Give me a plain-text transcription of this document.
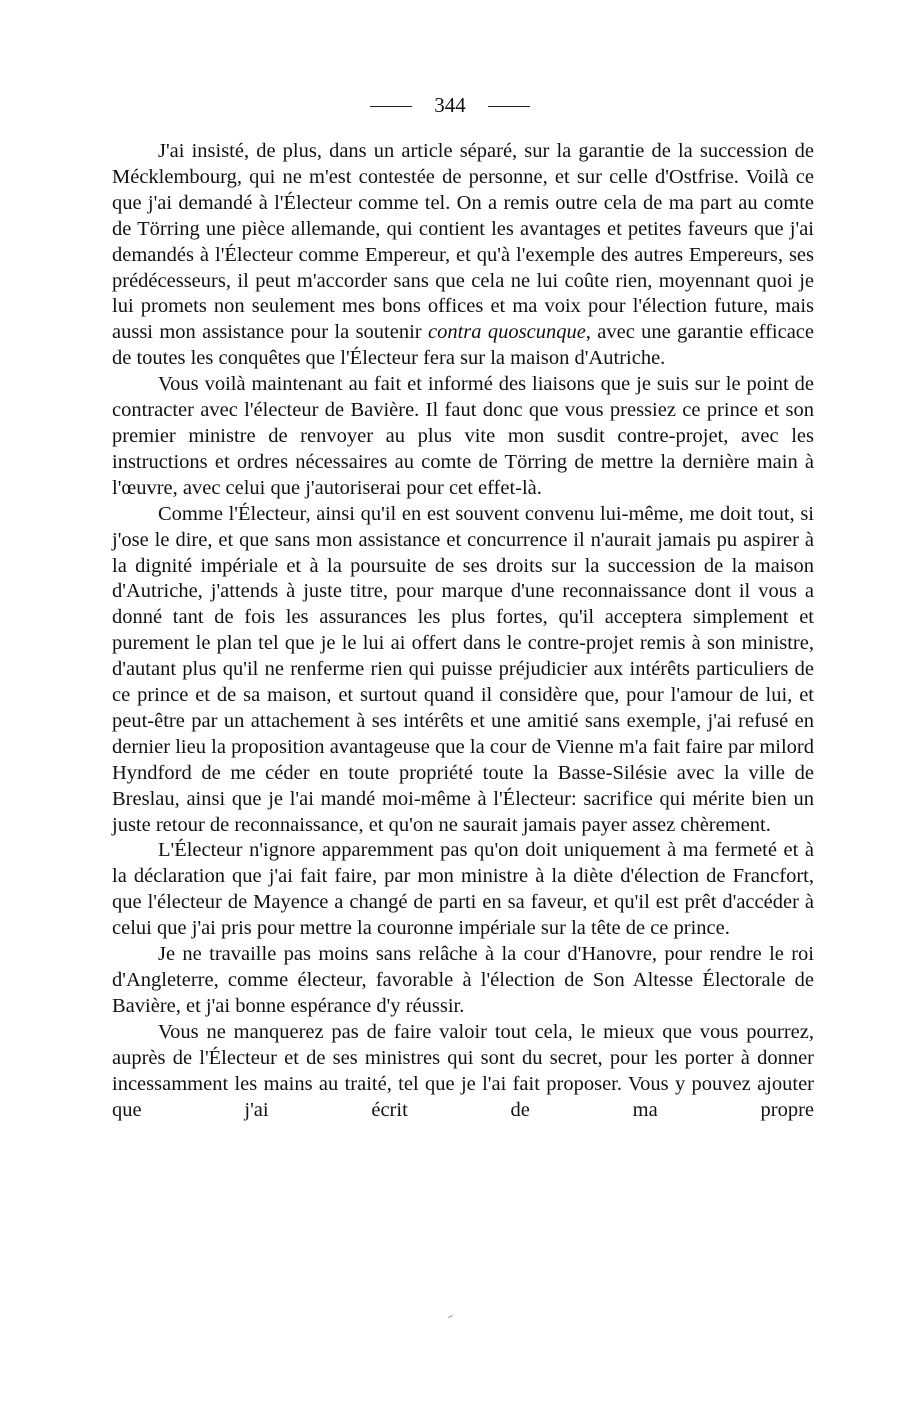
344

J'ai insisté, de plus, dans un article séparé, sur la garantie de la succession de Mécklembourg, qui ne m'est contestée de personne, et sur celle d'Ostfrise. Voilà ce que j'ai demandé à l'Électeur comme tel. On a remis outre cela de ma part au comte de Törring une pièce allemande, qui contient les avantages et petites faveurs que j'ai demandés à l'Électeur comme Empereur, et qu'à l'exemple des autres Empereurs, ses prédécesseurs, il peut m'accorder sans que cela ne lui coûte rien, moyennant quoi je lui promets non seulement mes bons offices et ma voix pour l'élection future, mais aussi mon assistance pour la soutenir contra quoscunque, avec une garantie efficace de toutes les conquêtes que l'Électeur fera sur la maison d'Autriche.

Vous voilà maintenant au fait et informé des liaisons que je suis sur le point de contracter avec l'électeur de Bavière. Il faut donc que vous pressiez ce prince et son premier ministre de renvoyer au plus vite mon susdit contre-projet, avec les instructions et ordres nécessaires au comte de Törring de mettre la dernière main à l'œuvre, avec celui que j'autoriserai pour cet effet-là.

Comme l'Électeur, ainsi qu'il en est souvent convenu lui-même, me doit tout, si j'ose le dire, et que sans mon assistance et concurrence il n'aurait jamais pu aspirer à la dignité impériale et à la poursuite de ses droits sur la succession de la maison d'Autriche, j'attends à juste titre, pour marque d'une reconnaissance dont il vous a donné tant de fois les assurances les plus fortes, qu'il acceptera simplement et purement le plan tel que je le lui ai offert dans le contre-projet remis à son ministre, d'autant plus qu'il ne renferme rien qui puisse préjudicier aux intérêts particuliers de ce prince et de sa maison, et surtout quand il considère que, pour l'amour de lui, et peut-être par un attachement à ses intérêts et une amitié sans exemple, j'ai refusé en dernier lieu la proposition avantageuse que la cour de Vienne m'a fait faire par milord Hyndford de me céder en toute propriété toute la Basse-Silésie avec la ville de Breslau, ainsi que je l'ai mandé moi-même à l'Électeur: sacrifice qui mérite bien un juste retour de reconnaissance, et qu'on ne saurait jamais payer assez chèrement.

L'Électeur n'ignore apparemment pas qu'on doit uniquement à ma fermeté et à la déclaration que j'ai fait faire, par mon ministre à la diète d'élection de Francfort, que l'électeur de Mayence a changé de parti en sa faveur, et qu'il est prêt d'accéder à celui que j'ai pris pour mettre la couronne impériale sur la tête de ce prince.

Je ne travaille pas moins sans relâche à la cour d'Hanovre, pour rendre le roi d'Angleterre, comme électeur, favorable à l'élection de Son Altesse Électorale de Bavière, et j'ai bonne espérance d'y réussir.

Vous ne manquerez pas de faire valoir tout cela, le mieux que vous pourrez, auprès de l'Électeur et de ses ministres qui sont du secret, pour les porter à donner incessamment les mains au traité, tel que je l'ai fait proposer. Vous y pouvez ajouter que j'ai écrit de ma propre
